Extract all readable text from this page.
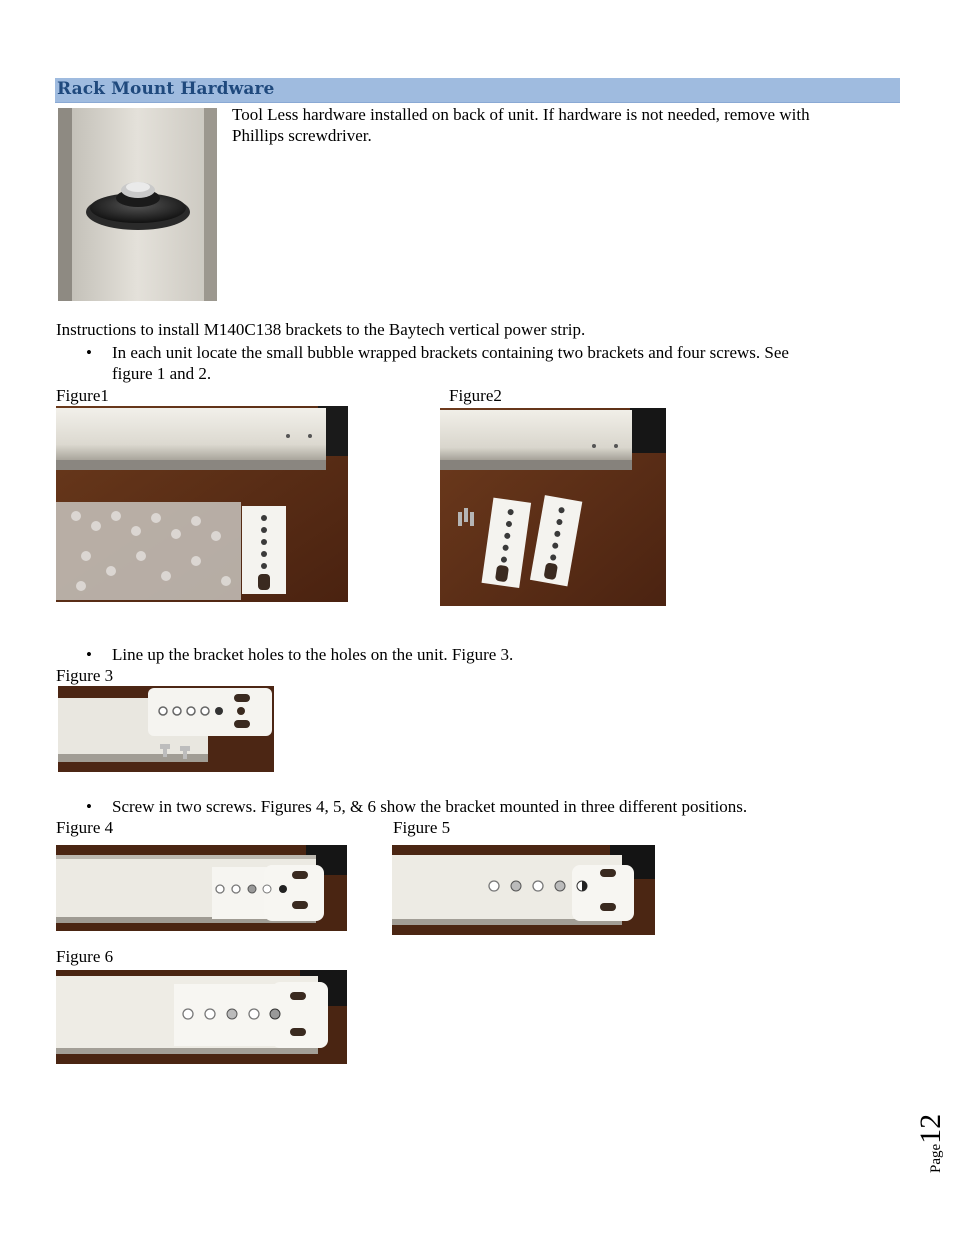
Rack Mount Hardware
Tool Less hardware installed on back of unit. If hardware is not needed, remove with
Phillips screwdriver.
Instructions to install M140C138 brackets to the Baytech vertical power strip.
• In each unit locate the small bubble wrapped brackets containing two brackets and four screws. See
figure 1 and 2.
Figure1	Figure2
• Line up the bracket holes to the holes on the unit. Figure 3.
Figure 3
• Screw in two screws. Figures 4, 5, & 6 show the bracket mounted in three different positions.
Figure 4	Figure 5
Figure 6
Page12
